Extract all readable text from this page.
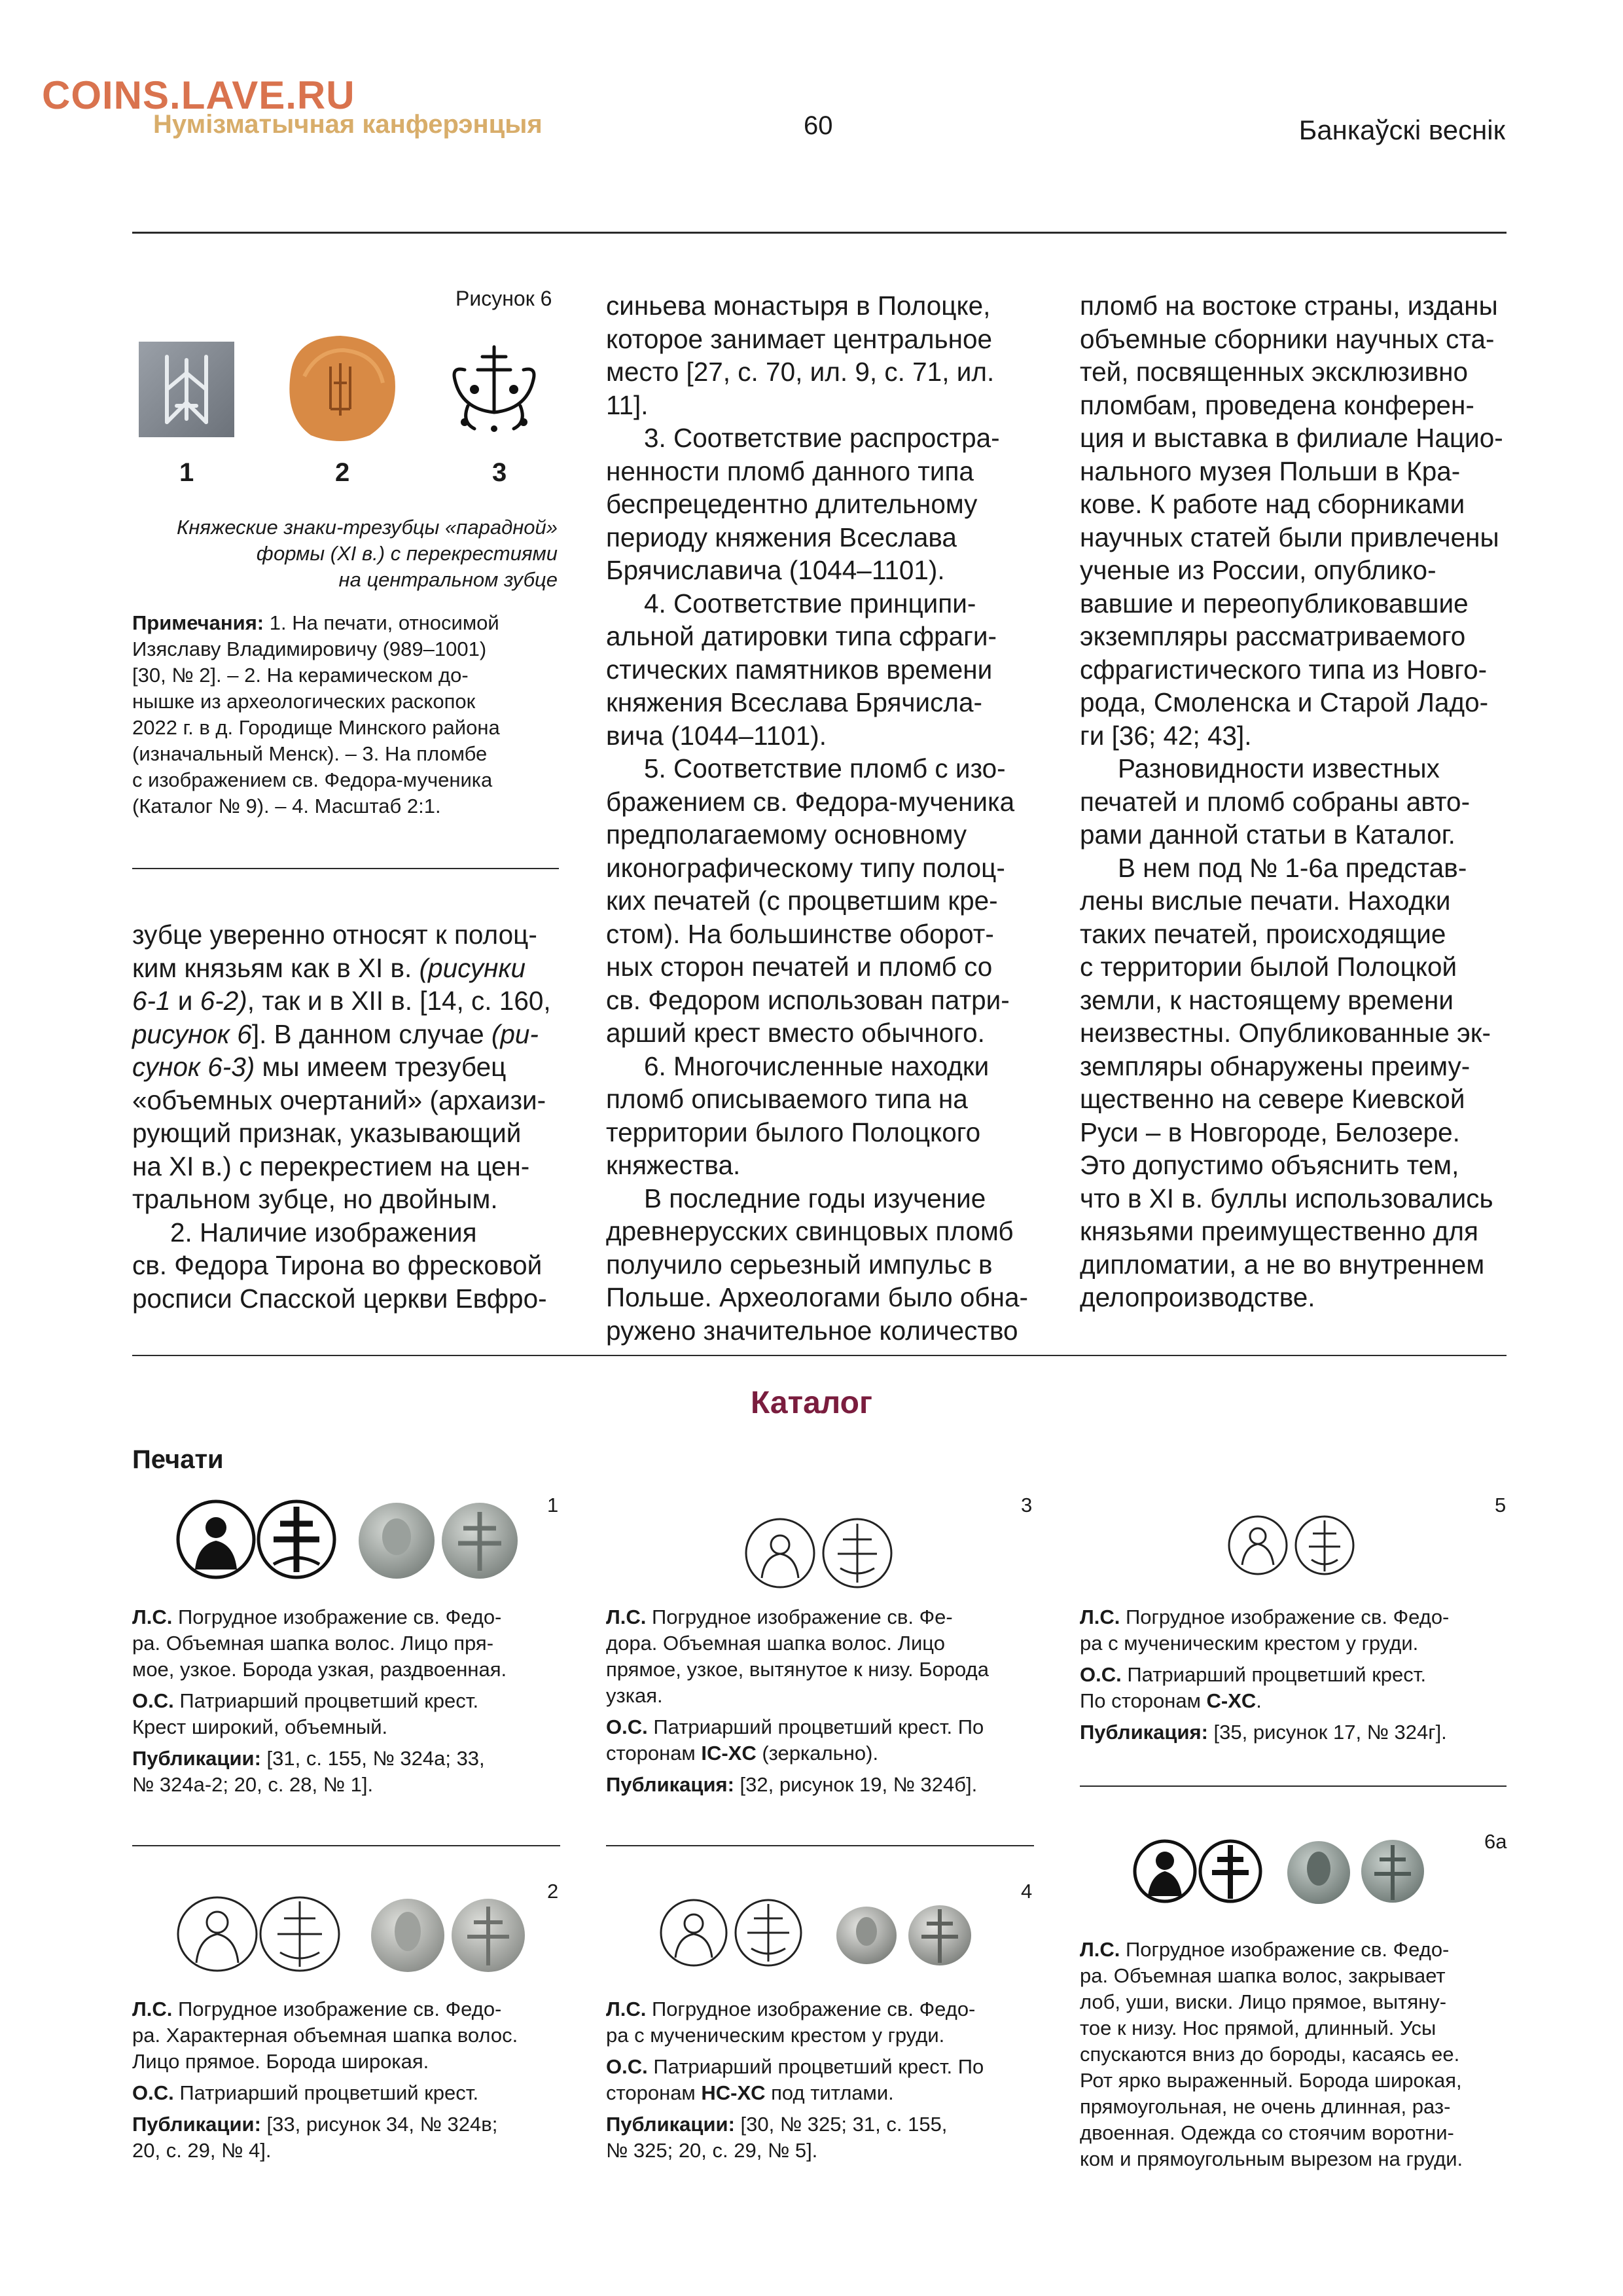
COINS.LAVE.RU
Нумізматычная канферэнцыя	60	Банкаўскі веснік
Рисунок 6
1	2	3
Княжеские знаки-трезубцы «парадной»
формы (XI в.) с перекрестиями
на центральном зубце
Примечания: 1. На печати, относимой
Изяславу Владимировичу (989–1001)
[30, № 2]. – 2. На керамическом до-
нышке из археологических раскопок
2022 г. в д. Городище Минского района
(изначальный Менск). – 3. На пломбе
с изображением св. Федора-мученика
(Каталог № 9). – 4. Масштаб 2:1.

зубце уверенно относят к полоц-

ким князьям как в XI в. (рисунки

6-1 и 6-2), так и в XII в. [14, с. 160,

рисунок 6]. В данном случае (ри-

сунок 6-3) мы имеем трезубец

«объемных очертаний» (архаизи-

рующий признак, указывающий

на XI в.) с перекрестием на цен-

тральном зубце, но двойным.

2. Наличие изображения

св. Федора Тирона во фресковой

росписи Спасской церкви Евфро-

синьева монастыря в Полоцке,

которое занимает центральное

место [27, с. 70, ил. 9, с. 71, ил. 11].

3. Соответствие распростра-

ненности пломб данного типа

беспрецедентно длительному

периоду княжения Всеслава

Брячиславича (1044–1101).

4. Соответствие принципи-

альной датировки типа сфраги-

стических памятников времени

княжения Всеслава Брячисла-

вича (1044–1101).

5. Соответствие пломб с изо-

бражением св. Федора-мученика

предполагаемому основному

иконографическому типу полоц-

ких печатей (с процветшим кре-

стом). На большинстве оборот-

ных сторон печатей и пломб со

св. Федором использован патри-

арший крест вместо обычного.

6. Многочисленные находки

пломб описываемого типа на

территории былого Полоцкого

княжества.

В последние годы изучение

древнерусских свинцовых пломб

получило серьезный импульс в

Польше. Археологами было обна-

ружено значительное количество

пломб на востоке страны, изданы

объемные сборники научных ста-

тей, посвященных эксклюзивно

пломбам, проведена конферен-

ция и выставка в филиале Нацио-

нального музея Польши в Кра-

кове. К работе над сборниками

научных статей были привлечены

ученые из России, опублико-

вавшие и переопубликовавшие

экземпляры рассматриваемого

сфрагистического типа из Новго-

рода, Смоленска и Старой Ладо-

ги [36; 42; 43].

Разновидности известных

печатей и пломб собраны авто-

рами данной статьи в Каталог.

В нем под № 1-6а представ-

лены вислые печати. Находки

таких печатей, происходящие

с территории былой Полоцкой

земли, к настоящему времени

неизвестны. Опубликованные эк-

земпляры обнаружены преиму-

щественно на севере Киевской

Руси – в Новгороде, Белозере.

Это допустимо объяснить тем,

что в XI в. буллы использовались

князьями преимущественно для

дипломатии, а не во внутреннем

делопроизводстве.

Каталог
Печати
1

Л.С. Погрудное изображение св. Федо-
ра. Объемная шапка волос. Лицо пря-
мое, узкое. Борода узкая, раздвоенная.

О.С. Патриарший процветший крест.
Крест широкий, объемный.

Публикации: [31, с. 155, № 324а; 33,
№ 324а-2; 20, с. 28, № 1].

3

Л.С. Погрудное изображение св. Фе-
дора. Объемная шапка волос. Лицо
прямое, узкое, вытянутое к низу. Борода
узкая.

О.С. Патриарший процветший крест. По
сторонам IC-XC (зеркально).

Публикация: [32, рисунок 19, № 324б].

5

Л.С. Погрудное изображение св. Федо-
ра с мученическим крестом у груди.

О.С. Патриарший процветший крест.
По сторонам С-XC.

Публикация: [35, рисунок 17, № 324г].

2

Л.С. Погрудное изображение св. Федо-
ра. Характерная объемная шапка волос.
Лицо прямое. Борода широкая.

О.С. Патриарший процветший крест.

Публикации: [33, рисунок 34, № 324в;
20, с. 29, № 4].

4

Л.С. Погрудное изображение св. Федо-
ра с мученическим крестом у груди.

О.С. Патриарший процветший крест. По
сторонам НС-XC под титлами.

Публикации: [30, № 325; 31, с. 155,
№ 325; 20, с. 29, № 5].

6а

Л.С. Погрудное изображение св. Федо-
ра. Объемная шапка волос, закрывает
лоб, уши, виски. Лицо прямое, вытяну-
тое к низу. Нос прямой, длинный. Усы
спускаются вниз до бороды, касаясь ее.
Рот ярко выраженный. Борода широкая,
прямоугольная, не очень длинная, раз-
двоенная. Одежда со стоячим воротни-
ком и прямоугольным вырезом на груди.
